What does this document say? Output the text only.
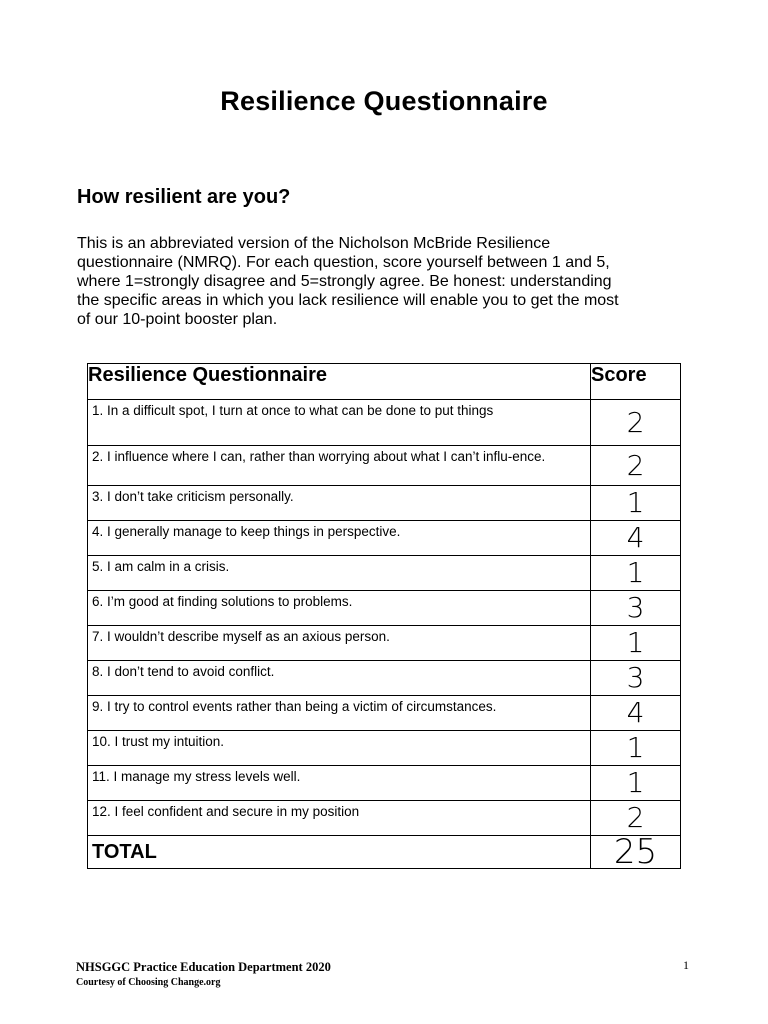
Resilience Questionnaire
How resilient are you?
This is an abbreviated version of the Nicholson McBride Resilience
questionnaire (NMRQ). For each question, score yourself between 1 and 5,
where 1=strongly disagree and 5=strongly agree. Be honest: understanding
the specific areas in which you lack resilience will enable you to get the most
of our 10-point booster plan.
Resilience Questionnaire	Score
1. In a difficult spot, I turn at once to what can be done to put things	2

2. I influence where I can, rather than worrying about what I can’t influ-ence.	2

3. I don’t take criticism personally.	1

4. I generally manage to keep things in perspective.	4

5. I am calm in a crisis.	1

6. I’m good at finding solutions to problems.	3

7. I wouldn’t describe myself as an axious person.	1

8. I don’t tend to avoid conflict.	3

9. I try to control events rather than being a victim of circumstances.	4

10. I trust my intuition.	1

11. I manage my stress levels well.	1

12. I feel confident and secure in my position	2

TOTAL	25
NHSGGC Practice Education Department 2020
Courtesy of Choosing Change.org
1
